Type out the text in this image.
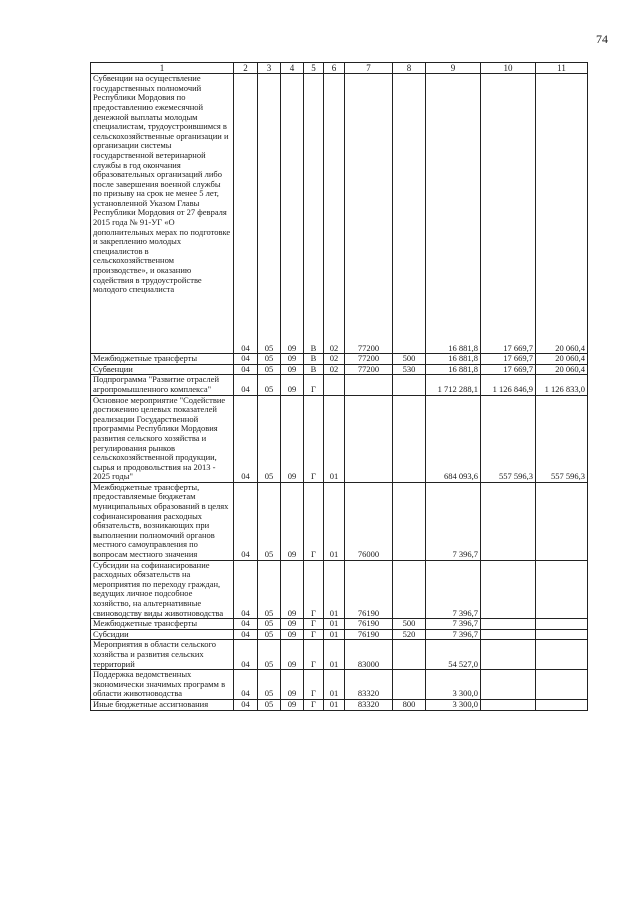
74
1	2	3	4	5	6	7	8	9	10	11
Субвенции на осуществление государственных полномочий Республики Мордовия по предоставлению ежемесячной денежной выплаты молодым специалистам, трудоустроившимся в сельскохозяйственные организации и организации системы государственной ветеринарной службы в год окончания образовательных организаций либо после завершения военной службы по призыву на срок не менее 5 лет, установленной Указом Главы Республики Мордовия от 27 февраля 2015 года № 91-УГ «О дополнительных мерах по подготовке и закреплению молодых специалистов в сельскохозяйственном производстве», и оказанию содействия в трудоустройстве молодого специалиста	04	05	09	В	02	77200		16 881,8	17 669,7	20 060,4
Межбюджетные трансферты	04	05	09	В	02	77200	500	16 881,8	17 669,7	20 060,4
Субвенции	04	05	09	В	02	77200	530	16 881,8	17 669,7	20 060,4
Подпрограмма "Развитие отраслей агропромышленного комплекса"	04	05	09	Г				1 712 288,1	1 126 846,9	1 126 833,0
Основное мероприятие "Содействие достижению целевых показателей реализации Государственной программы Республики Мордовия развития сельского хозяйства и регулирования рынков сельскохозяйственной продукции, сырья и продовольствия на 2013 - 2025 годы"	04	05	09	Г	01			684 093,6	557 596,3	557 596,3
Межбюджетные трансферты, предоставляемые бюджетам муниципальных образований в целях софинансирования расходных обязательств, возникающих при выполнении полномочий органов местного самоуправления по вопросам местного значения	04	05	09	Г	01	76000		7 396,7		
Субсидии на софинансирование расходных обязательств на мероприятия по переходу граждан, ведущих личное подсобное хозяйство, на альтернативные свиноводству виды животноводства	04	05	09	Г	01	76190		7 396,7		
Межбюджетные трансферты	04	05	09	Г	01	76190	500	7 396,7		
Субсидии	04	05	09	Г	01	76190	520	7 396,7		
Мероприятия в области сельского хозяйства и развития сельских территорий	04	05	09	Г	01	83000		54 527,0		
Поддержка ведомственных экономически значимых программ в области животноводства	04	05	09	Г	01	83320		3 300,0		
Иные бюджетные ассигнования	04	05	09	Г	01	83320	800	3 300,0		
